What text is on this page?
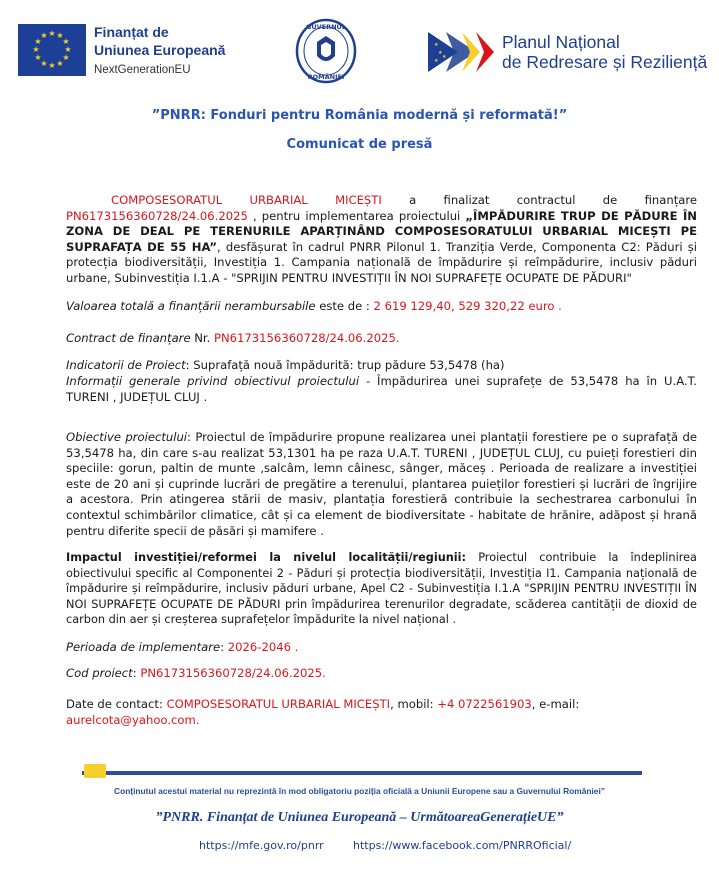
★ ★
★
★
★
★
★
★
★
★
★
★	Finanțat de
Uniunea Europeană
NextGenerationEU
GUVERNUL
ROMÂNIEI
★
★
★
★
Planul Național
de Redresare și Reziliență
”PNRR: Fonduri pentru România modernă și reformată!”
Comunicat de presă
COMPOSESORATUL URBARIAL MICEȘTI a finalizat contractul de finanțare PN6173156360728/24.06.2025 , pentru implementarea proiectului „ÎMPĂDURIRE TRUP DE PĂDURE ÎN ZONA DE DEAL PE TERENURILE APARȚINÂND COMPOSESORATULUI URBARIAL MICEȘTI PE SUPRAFAȚA DE 55 HA”, desfășurat în cadrul PNRR Pilonul 1. Tranziția Verde, Componenta C2: Păduri și protecția biodiversității, Investiția 1. Campania națională de împădurire și reîmpădurire, inclusiv păduri urbane, Subinvestiția I.1.A - "SPRIJIN PENTRU INVESTIȚII ÎN NOI SUPRAFEȚE OCUPATE DE PĂDURI"
Valoarea totală a finanțării nerambursabile este de : 2 619 129,40, 529 320,22 euro .
Contract de finanțare Nr. PN6173156360728/24.06.2025.
Indicatorii de Proiect: Suprafață nouă împădurită: trup pădure 53,5478 (ha)
Informații generale privind obiectivul proiectului - Împădurirea unei suprafețe de 53,5478 ha în U.A.T. TURENI , JUDEȚUL CLUJ .
Obiective proiectului: Proiectul de împădurire propune realizarea unei plantații forestiere pe o suprafață de 53,5478 ha, din care s-au realizat 53,1301 ha pe raza U.A.T. TURENI , JUDEȚUL CLUJ, cu puieți forestieri din speciile: gorun, paltin de munte ,salcâm, lemn câinesc, sânger, măceș . Perioada de realizare a investiției este de 20 ani și cuprinde lucrări de pregătire a terenului, plantarea puieților forestieri și lucrări de îngrijire a acestora. Prin atingerea stării de masiv, plantația forestieră contribuie la sechestrarea carbonului în contextul schimbărilor climatice, cât și ca element de biodiversitate - habitate de hrănire, adăpost și hrană pentru diferite specii de păsări și mamifere .
Impactul investiției/reformei la nivelul localității/regiunii: Proiectul contribuie la îndeplinirea obiectivului specific al Componentei 2 - Păduri și protecția biodiversității, Investiția I1. Campania națională de împădurire și reîmpădurire, inclusiv păduri urbane, Apel C2 - Subinvestiția I.1.A "SPRIJIN PENTRU INVESTIȚII ÎN NOI SUPRAFEȚE OCUPATE DE PĂDURI prin împădurirea terenurilor degradate, scăderea cantității de dioxid de carbon din aer și creșterea suprafețelor împădurite la nivel național .
Perioada de implementare: 2026-2046 .
Cod proiect: PN6173156360728/24.06.2025.
Date de contact: COMPOSESORATUL URBARIAL MICEȘTI, mobil: +4 0722561903, e-mail:
aurelcota@yahoo.com.
Conținutul acestui material nu reprezintă în mod obligatoriu poziția oficială a Uniunii Europene sau a Guvernului României”
”PNRR. Finanțat de Uniunea Europeană – UrmătoareaGenerațieUE”
https://mfe.gov.ro/pnrr	https://www.facebook.com/PNRROficial/
